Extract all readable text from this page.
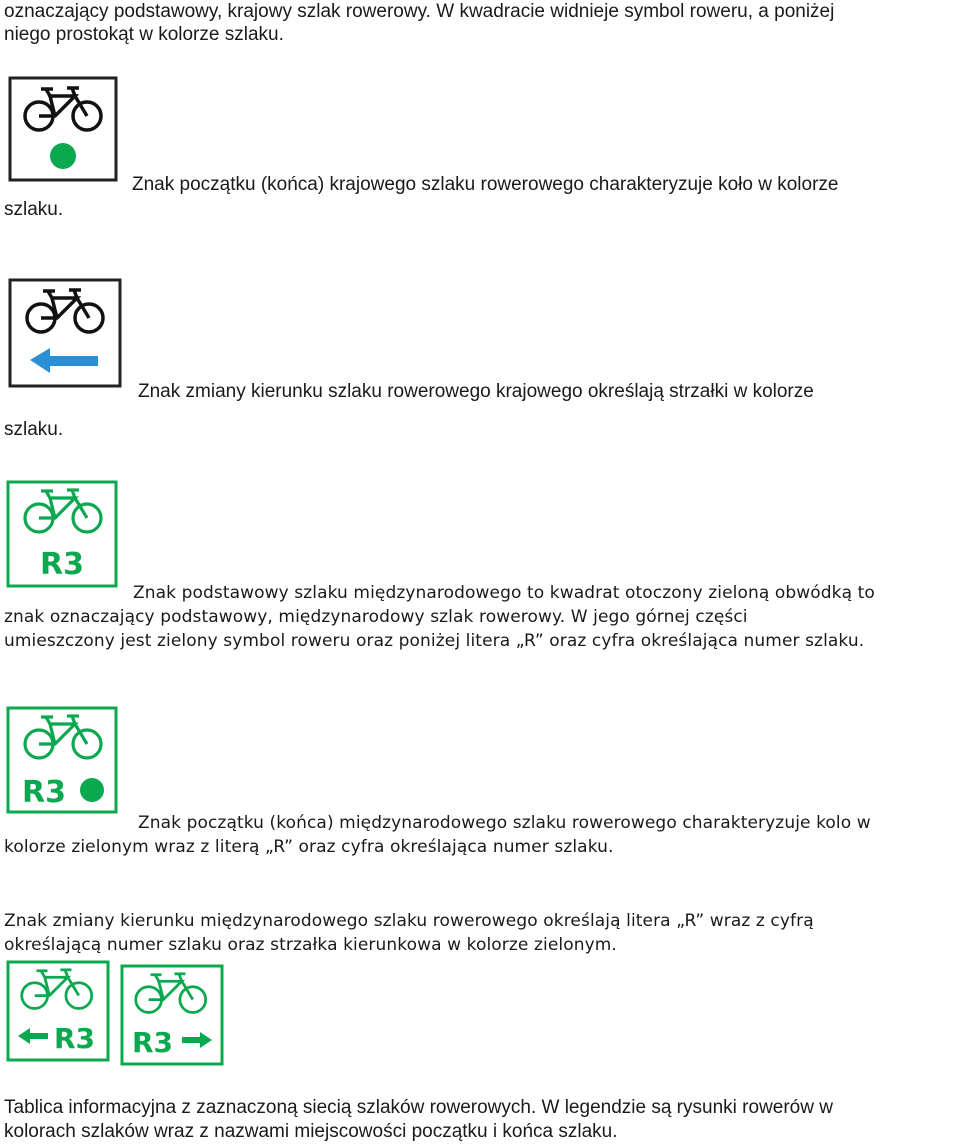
oznaczający podstawowy, krajowy szlak rowerowy. W kwadracie widnieje symbol roweru, a poniżej
niego prostokąt w kolorze szlaku.
Znak początku (końca) krajowego szlaku rowerowego charakteryzuje koło w kolorze
szlaku.
szlaku.
Znak zmiany kierunku szlaku rowerowego krajowego określają strzałki w kolorze
R3
Znak podstawowy szlaku międzynarodowego to kwadrat otoczony zieloną obwódką to
znak oznaczający podstawowy, międzynarodowy szlak rowerowy. W jego górnej części
umieszczony jest zielony symbol roweru oraz poniżej litera „R” oraz cyfra określająca numer szlaku.
R3
Znak początku (końca) międzynarodowego szlaku rowerowego charakteryzuje kolo w
kolorze zielonym wraz z literą „R” oraz cyfra określająca numer szlaku.
Znak zmiany kierunku międzynarodowego szlaku rowerowego określają litera „R” wraz z cyfrą
określającą numer szlaku oraz strzałka kierunkowa w kolorze zielonym.
R3 R3
Tablica informacyjna z zaznaczoną siecią szlaków rowerowych. W legendzie są rysunki rowerów w
kolorach szlaków wraz z nazwami miejscowości początku i końca szlaku.
